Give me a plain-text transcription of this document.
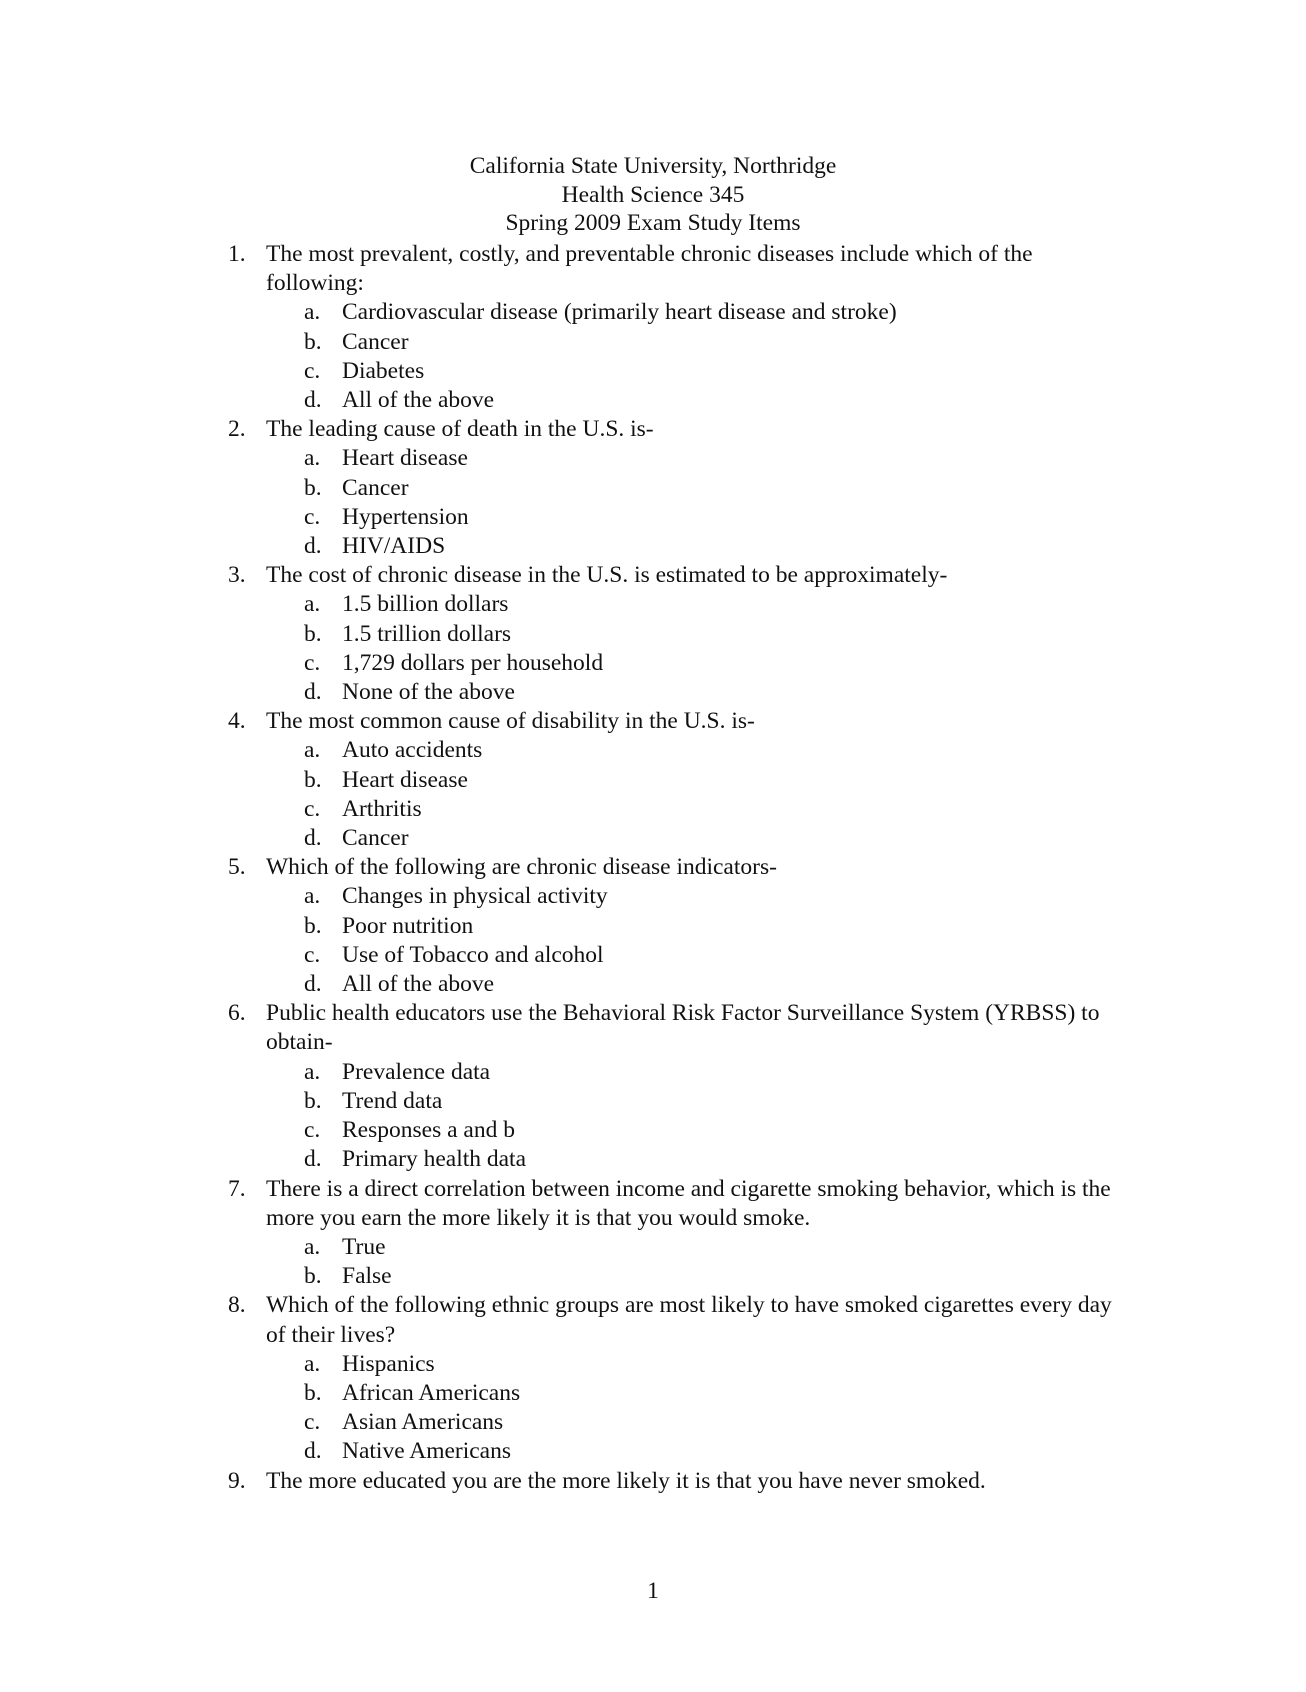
California State University, Northridge
Health Science 345
Spring 2009 Exam Study Items
1. The most prevalent, costly, and preventable chronic diseases include which of the following:
a. Cardiovascular disease (primarily heart disease and stroke)
b. Cancer
c. Diabetes
d. All of the above
2. The leading cause of death in the U.S. is-
a. Heart disease
b. Cancer
c. Hypertension
d. HIV/AIDS
3. The cost of chronic disease in the U.S. is estimated to be approximately-
a. 1.5 billion dollars
b. 1.5 trillion dollars
c. 1,729 dollars per household
d. None of the above
4. The most common cause of disability in the U.S. is-
a. Auto accidents
b. Heart disease
c. Arthritis
d. Cancer
5. Which of the following are chronic disease indicators-
a. Changes in physical activity
b. Poor nutrition
c. Use of Tobacco and alcohol
d. All of the above
6. Public health educators use the Behavioral Risk Factor Surveillance System (YRBSS) to obtain-
a. Prevalence data
b. Trend data
c. Responses a and b
d. Primary health data
7. There is a direct correlation between income and cigarette smoking behavior, which is the more you earn the more likely it is that you would smoke.
a. True
b. False
8. Which of the following ethnic groups are most likely to have smoked cigarettes every day of their lives?
a. Hispanics
b. African Americans
c. Asian Americans
d. Native Americans
9. The more educated you are the more likely it is that you have never smoked.
1
